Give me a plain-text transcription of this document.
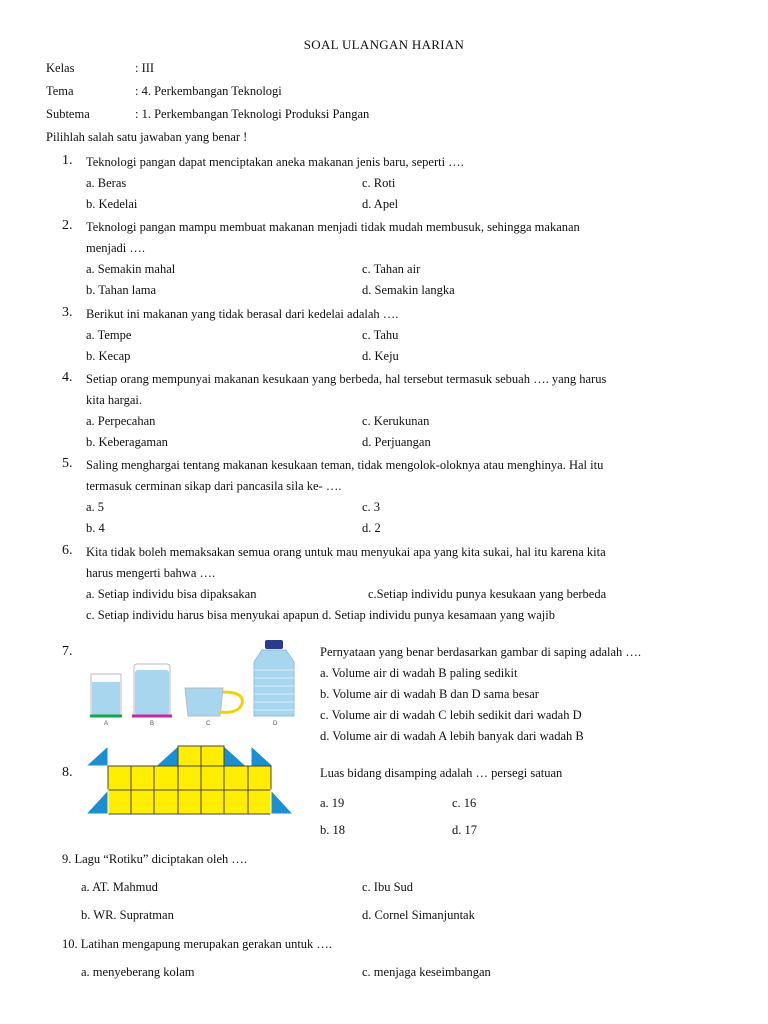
SOAL ULANGAN HARIAN
Kelas	: III
Tema	: 4. Perkembangan Teknologi
Subtema	: 1. Perkembangan Teknologi Produksi Pangan
Pilihlah salah satu jawaban yang benar !
1. Teknologi pangan dapat menciptakan aneka makanan jenis baru, seperti ….
a. Beras	c. Roti
b. Kedelai	d. Apel
2. Teknologi pangan mampu membuat makanan menjadi tidak mudah membusuk, sehingga makanan
menjadi ….
a. Semakin mahal	c. Tahan air
b. Tahan lama	d. Semakin langka
3. Berikut ini makanan yang tidak berasal dari kedelai adalah ….
a. Tempe	c. Tahu
b. Kecap	d. Keju
4. Setiap orang mempunyai makanan kesukaan yang berbeda, hal tersebut termasuk sebuah …. yang harus
kita hargai.
a. Perpecahan	c. Kerukunan
b. Keberagaman	d. Perjuangan
5. Saling menghargai tentang makanan kesukaan teman, tidak mengolok-oloknya atau menghinya. Hal itu
termasuk cerminan sikap dari pancasila sila ke- ….
a. 5	c. 3
b. 4	d. 2
6. Kita tidak boleh memaksakan semua orang untuk mau menyukai apa yang kita sukai, hal itu karena kita
harus mengerti bahwa ….
a. Setiap individu bisa dipaksakan	c.Setiap individu punya kesukaan yang berbeda
c. Setiap individu harus bisa menyukai apapun d. Setiap individu punya kesamaan yang wajib
7.
A	B	C	D
Pernyataan yang benar berdasarkan gambar di saping adalah ….
a. Volume air di wadah B paling sedikit
b. Volume air di wadah B dan D sama besar
c. Volume air di wadah C lebih sedikit dari wadah D
d. Volume air di wadah A lebih banyak dari wadah B
8.	Luas bidang disamping adalah … persegi satuan
a. 19	c. 16
b. 18	d. 17
9. Lagu “Rotiku” diciptakan oleh ….
a. AT. Mahmud	c. Ibu Sud
b. WR. Supratman	d. Cornel Simanjuntak
10. Latihan mengapung merupakan gerakan untuk ….
a. menyeberang kolam	c. menjaga keseimbangan
